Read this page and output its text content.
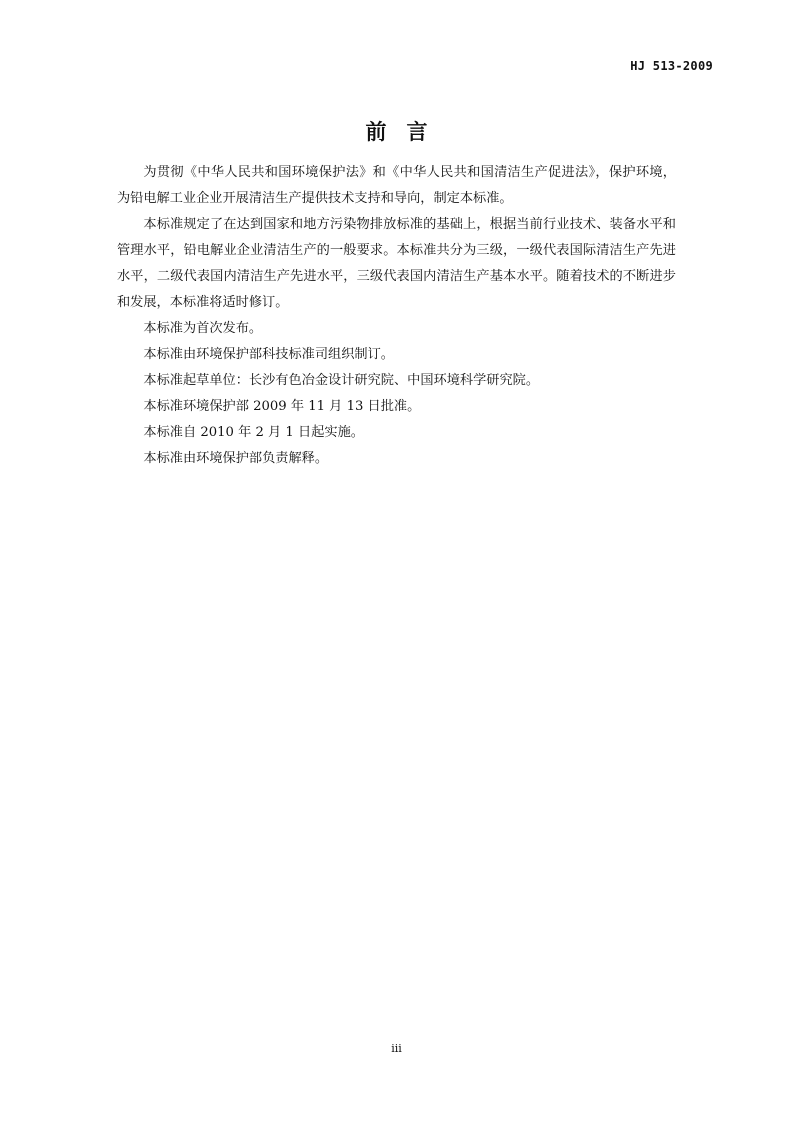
HJ 513-2009
前言

为贯彻《中华人民共和国环境保护法》和《中华人民共和国清洁生产促进法》，保护环境，为铅电解工业企业开展清洁生产提供技术支持和导向，制定本标准。

本标准规定了在达到国家和地方污染物排放标准的基础上，根据当前行业技术、装备水平和管理水平，铅电解业企业清洁生产的一般要求。本标准共分为三级，一级代表国际清洁生产先进水平，二级代表国内清洁生产先进水平，三级代表国内清洁生产基本水平。随着技术的不断进步和发展，本标准将适时修订。

本标准为首次发布。

本标准由环境保护部科技标准司组织制订。

本标准起草单位：长沙有色冶金设计研究院、中国环境科学研究院。

本标准环境保护部 2009 年 11 月 13 日批准。

本标准自 2010 年 2 月 1 日起实施。

本标准由环境保护部负责解释。

iii
